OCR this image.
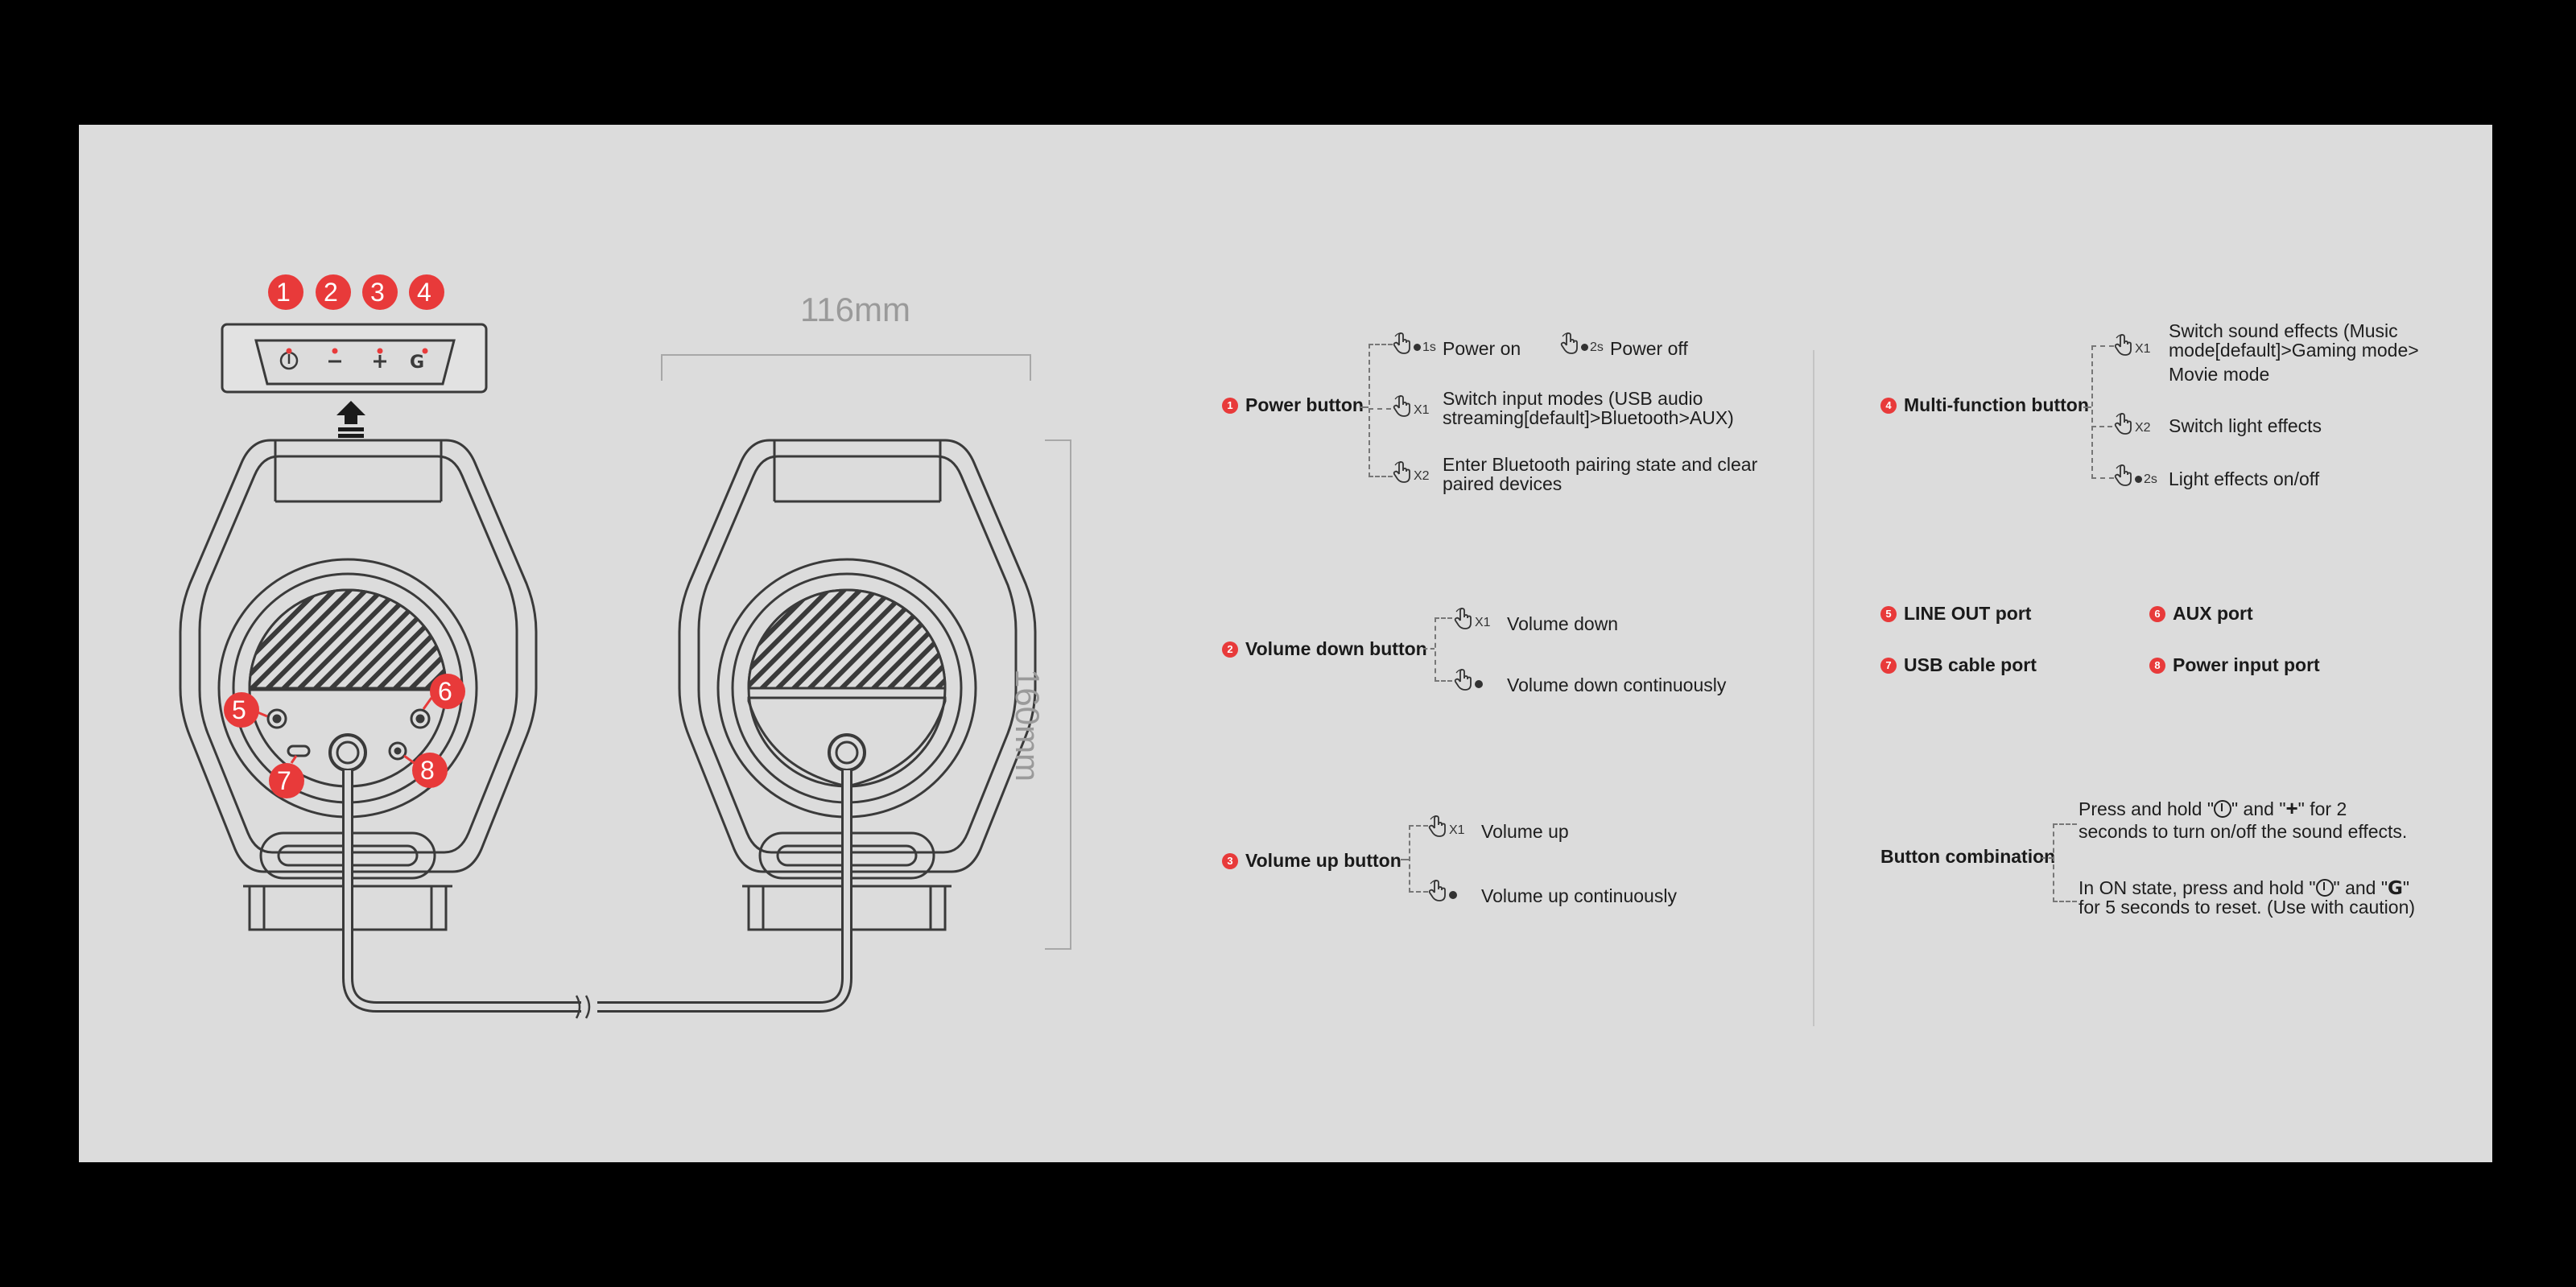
G
116mm
160mm
1 2 3 4
5
6
7	8
1 Power button
1s Power on	2s Power off
X1
Switch input modes (USB audio
streaming[default]>Bluetooth>AUX)
X2
Enter Bluetooth pairing state and clear
paired devices
2 Volume down button
X1 Volume down
Volume down continuously
3 Volume up button
X1 Volume up
Volume up continuously
4 Multi-function button
X1
Switch sound effects (Music
mode[default]>Gaming mode>
Movie mode
X2 Switch light effects
2s Light effects on/off
5 LINE OUT port	6 AUX port
7 USB cable port	8 Power input port
Button combination
Press and hold " " and "+" for 2
seconds to turn on/off the sound effects.
In ON state, press and hold " " and "G"
for 5 seconds to reset. (Use with caution)
